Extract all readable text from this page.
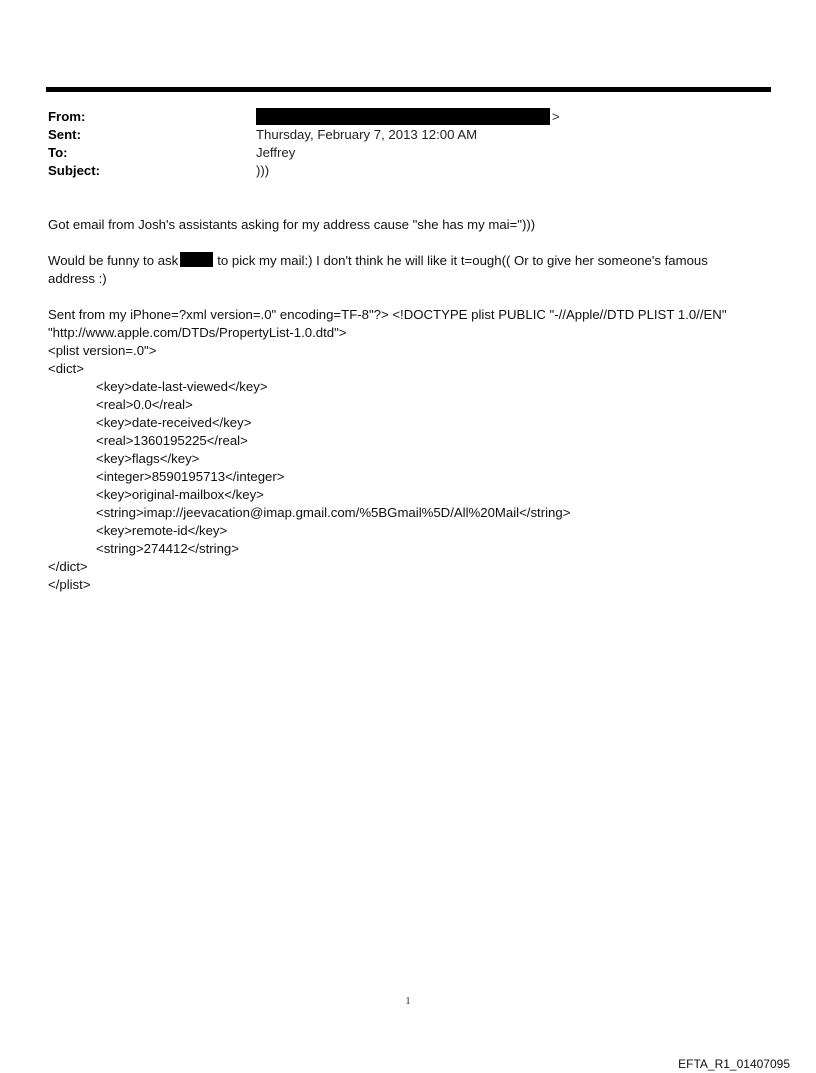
From:	>
Sent:	Thursday, February 7, 2013 12:00 AM
To:	Jeffrey
Subject:	)))

Got email from Josh's assistants asking for my address cause "she has my mai=")))

Would be funny to ask	to pick my mail:) I don't think he will like it t=ough(( Or to give her someone's famous
address :)

Sent from my iPhone=?xml version=.0" encoding=TF-8"?> <!DOCTYPE plist PUBLIC "-//Apple//DTD PLIST 1.0//EN"
"http://www.apple.com/DTDs/PropertyList-1.0.dtd">
<plist version=.0">
<dict>
<key>date-last-viewed</key>
<real>0.0</real>
<key>date-received</key>
<real>1360195225</real>
<key>flags</key>
<integer>8590195713</integer>
<key>original-mailbox</key>
<string>imap://jeevacation@imap.gmail.com/%5BGmail%5D/All%20Mail</string>
<key>remote-id</key>
<string>274412</string>
</dict>
</plist>
1
EFTA_R1_01407095
